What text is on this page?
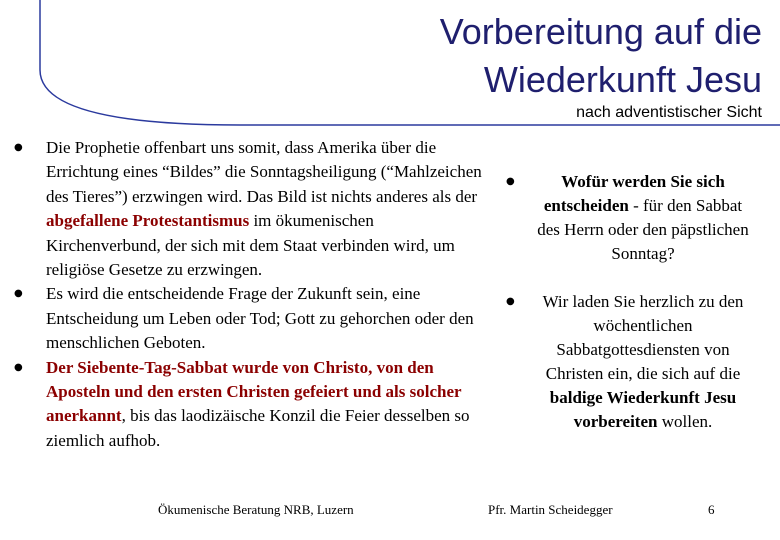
Vorbereitung auf die
Wiederkunft Jesu
nach adventistischer Sicht
●	Die Prophetie offenbart uns somit, dass Amerika über die Errichtung eines “Bildes” die Sonntagsheiligung (“Mahlzeichen des Tieres”) erzwingen wird. Das Bild ist nichts anderes als der abgefallene Protestantismus im ökumenischen Kirchenverbund, der sich mit dem Staat verbinden wird, um religiöse Gesetze zu erzwingen.
●	Es wird die entscheidende Frage der Zukunft sein, eine Entscheidung um Leben oder Tod; Gott zu gehorchen oder den menschlichen Geboten.
●	Der Siebente-Tag-Sabbat wurde von Christo, von den Aposteln und den ersten Christen gefeiert und als solcher anerkannt, bis das laodizäische Konzil die Feier desselben so ziemlich aufhob.
●	Wofür werden Sie sich entscheiden - für den Sabbat des Herrn oder den päpstlichen Sonntag?
●	Wir laden Sie herzlich zu den wöchentlichen Sabbatgottesdiensten von Christen ein, die sich auf die baldige Wiederkunft Jesu vorbereiten wollen.
Ökumenische Beratung NRB, Luzern	Pfr. Martin Scheidegger	6
